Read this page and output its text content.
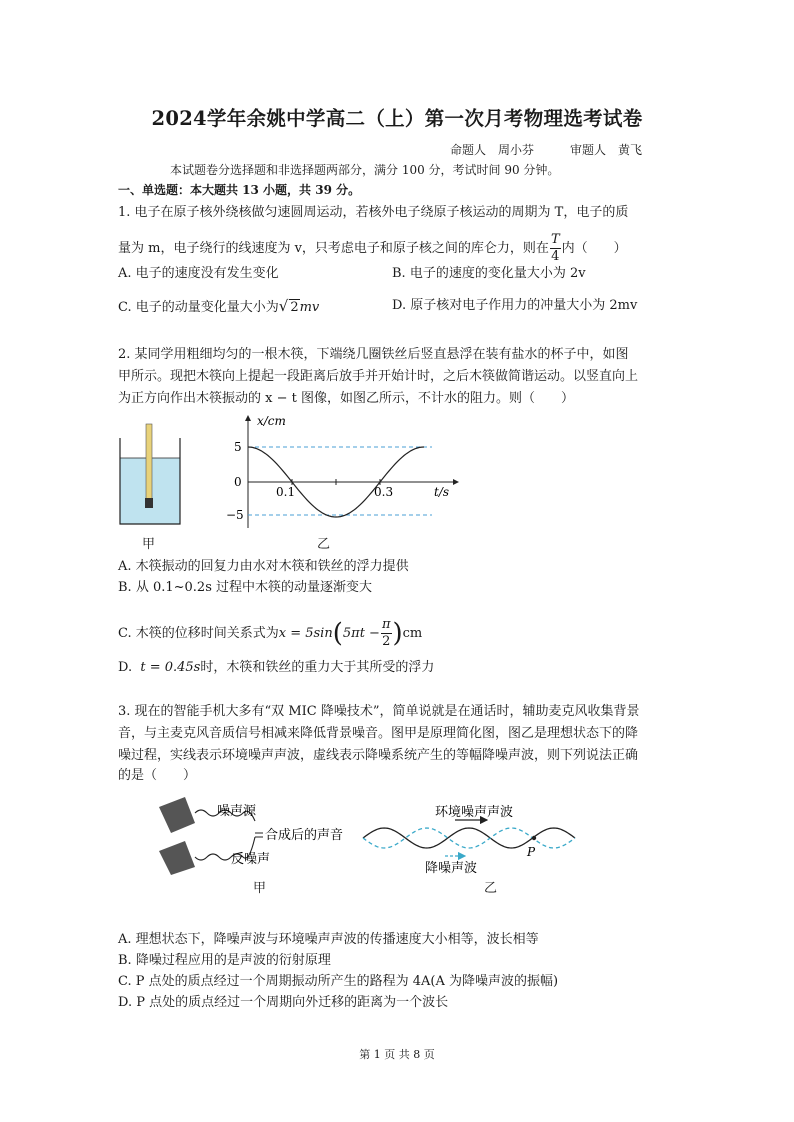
2024学年余姚中学高二（上）第一次月考物理选考试卷
命题人　周小芬　　　审题人　黄飞
本试题卷分选择题和非选择题两部分，满分 100 分，考试时间 90 分钟。
一、单选题：本大题共 13 小题，共 39 分。
1. 电子在原子核外绕核做匀速圆周运动，若核外电子绕原子核运动的周期为 T，电子的质
量为 m，电子绕行的线速度为 v，只考虑电子和原子核之间的库仑力，则在 $\frac{T}{4}$ 内（　　）
A. 电子的速度没有发生变化	B. 电子的速度的变化量大小为 2v
C. 电子的动量变化量大小为√ 2mv	D. 原子核对电子作用力的冲量大小为 2mv
2. 某同学用粗细均匀的一根木筷，下端绕几圈铁丝后竖直悬浮在装有盐水的杯子中，如图
甲所示。现把木筷向上提起一段距离后放手并开始计时，之后木筷做简谐运动。以竖直向上
为正方向作出木筷振动的 x − t 图像，如图乙所示，不计水的阻力。则（　　）
甲
x/cm
5
0
−5
0.1	0.3	t/s
乙
A. 木筷振动的回复力由水对木筷和铁丝的浮力提供
B. 从 0.1~0.2s 过程中木筷的动量逐渐变大
C. 木筷的位移时间关系式为$x = 5\sin(5\pi t - \frac{\pi}{2} )cm$
D. t = 0.45s时，木筷和铁丝的重力大于其所受的浮力
3. 现在的智能手机大多有“双 MIC 降噪技术”，简单说就是在通话时，辅助麦克风收集背景
音，与主麦克风音质信号相减来降低背景噪音。图甲是原理简化图，图乙是理想状态下的降
噪过程，实线表示环境噪声声波，虚线表示降噪系统产生的等幅降噪声波，则下列说法正确
的是（　　）
噪声源
合成后的声音
反噪声
甲
环境噪声声波
降噪声波
P
乙
A. 理想状态下，降噪声波与环境噪声声波的传播速度大小相等，波长相等
B. 降噪过程应用的是声波的衍射原理
C. P 点处的质点经过一个周期振动所产生的路程为 4A(A 为降噪声波的振幅)
D. P 点处的质点经过一个周期向外迁移的距离为一个波长
第 1 页 共 8 页
